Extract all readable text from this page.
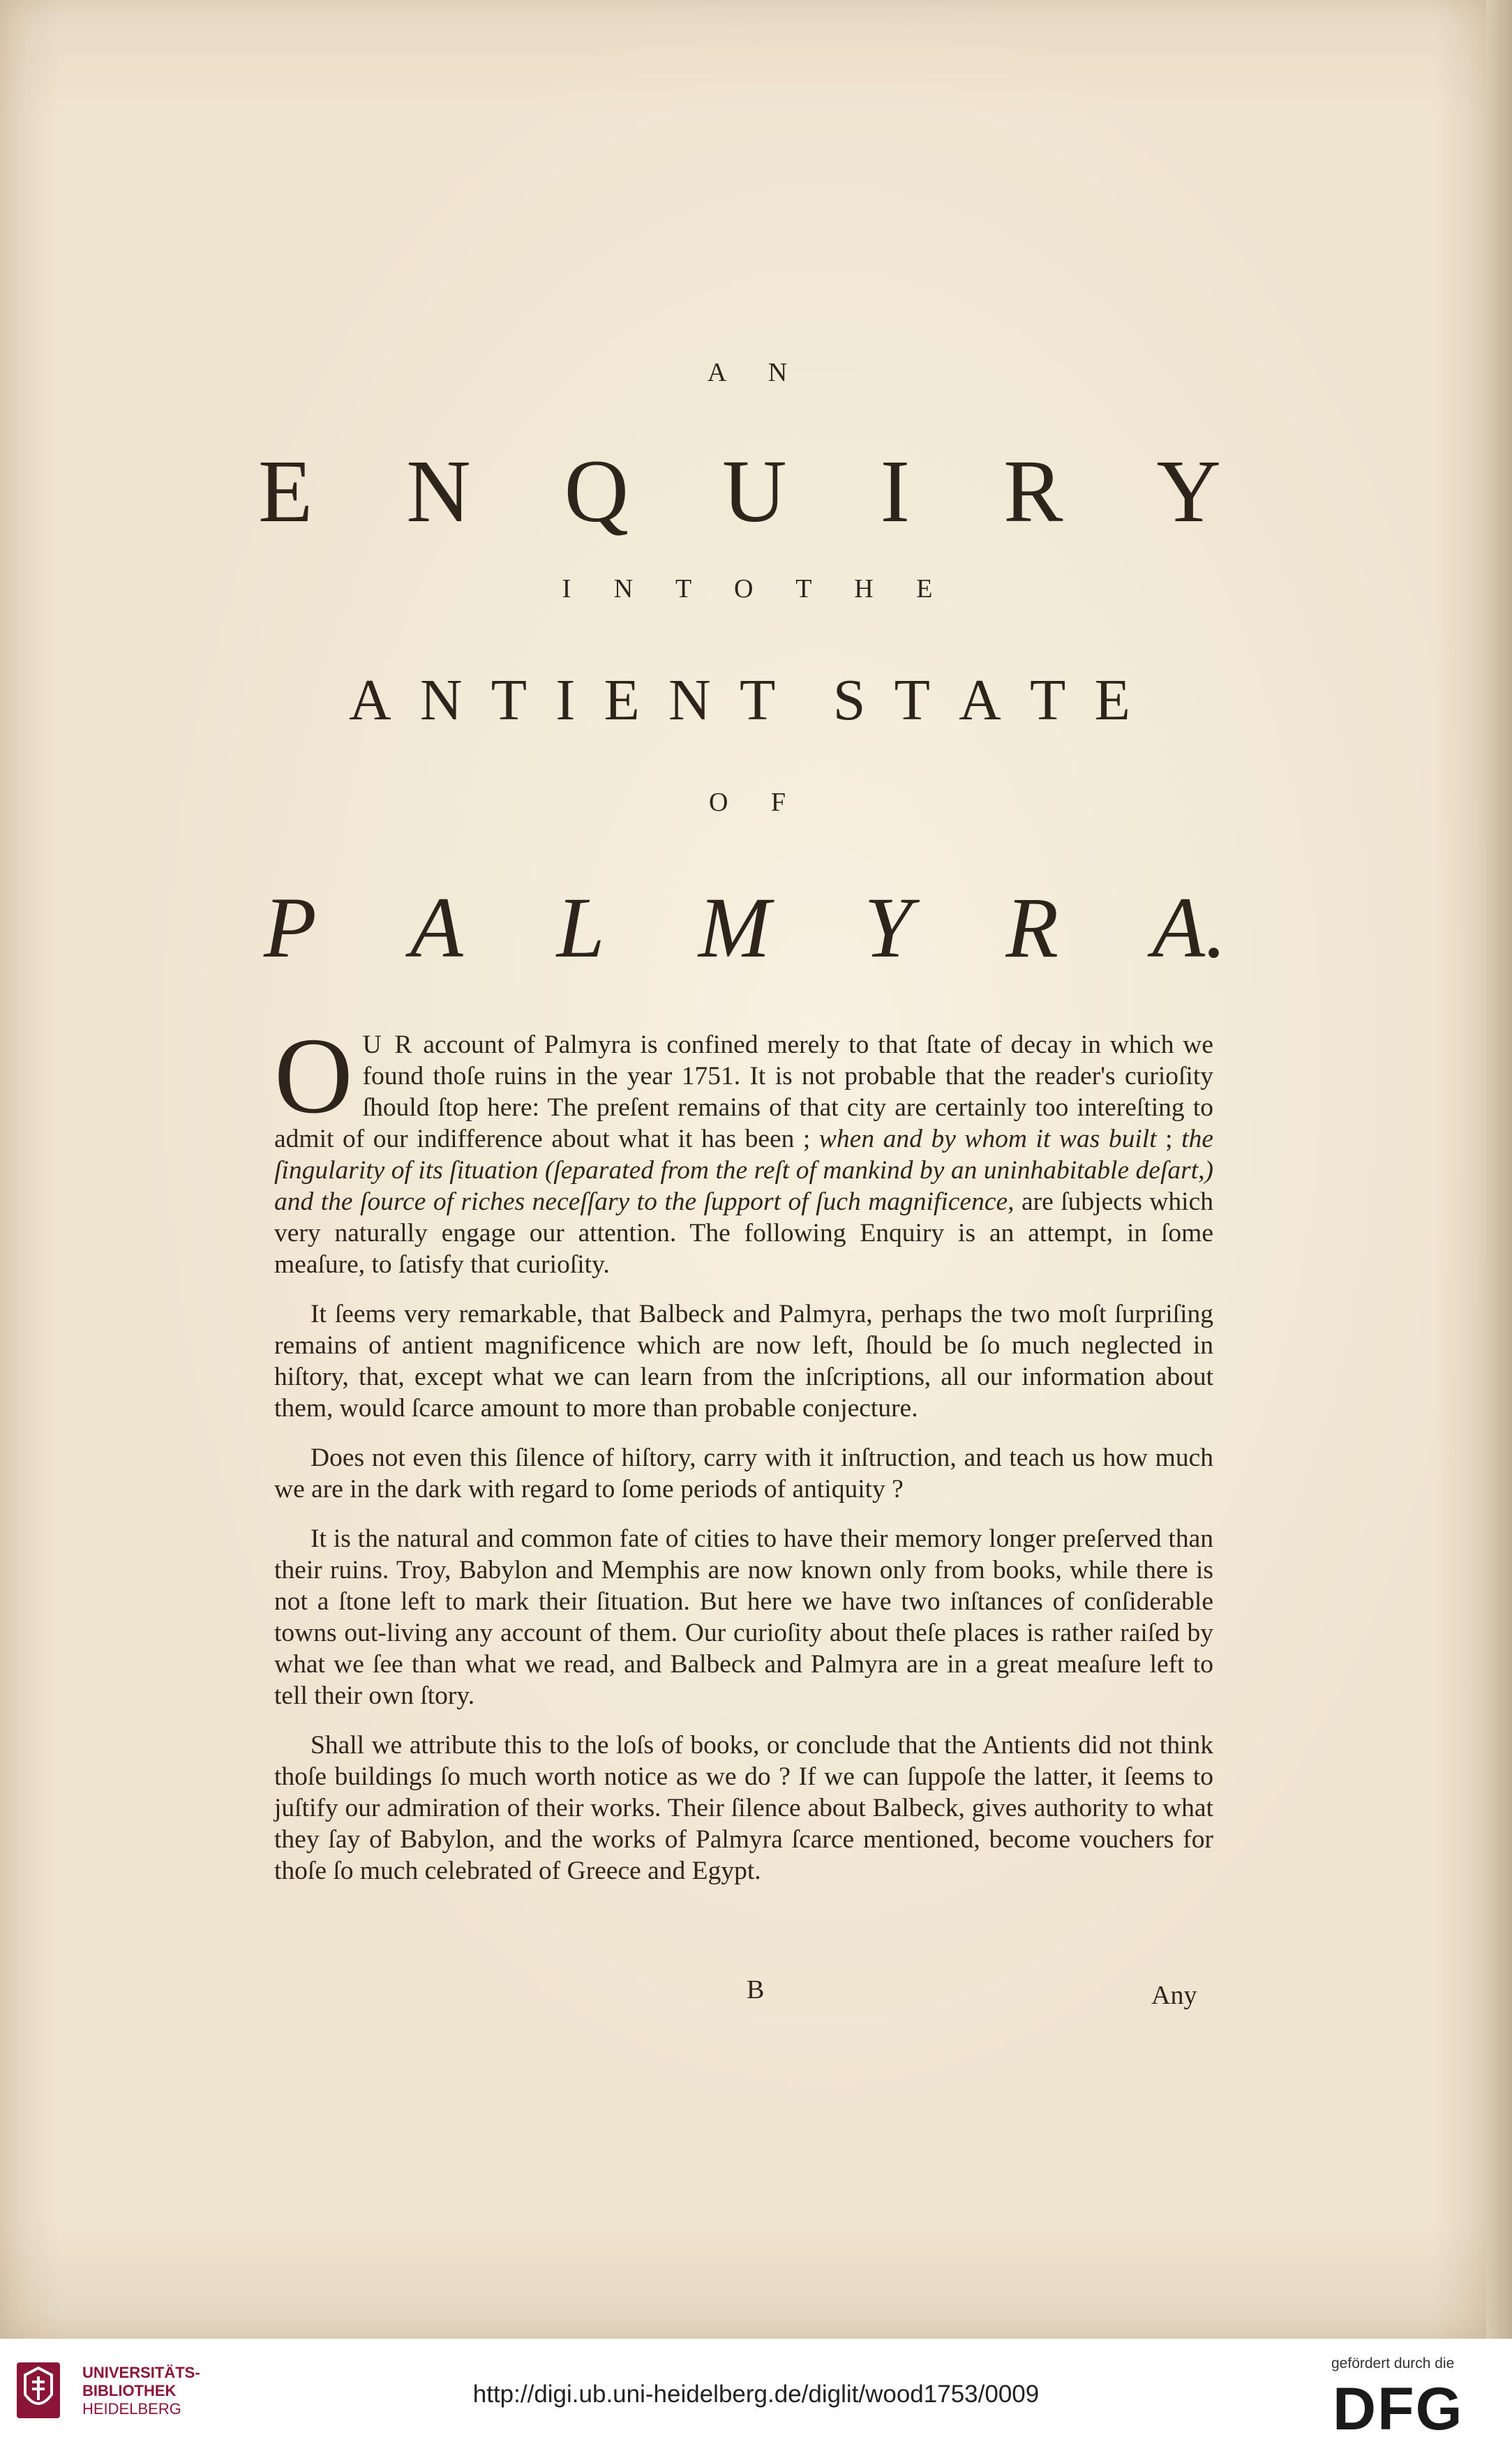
A N
E N Q U I R Y
I N T O T H E
A N T I E N T S T A T E
O F
P A L M Y R A.

O U R account of Palmyra is confined merely to that ſtate of decay in which we found thoſe ruins in the year 1751. It is not probable that the reader's curioſity ſhould ſtop here: The preſent remains of that city are certainly too intereſting to admit of our indifference about what it has been ; when and by whom it was built ; the ſingularity of its ſituation (ſeparated from the reſt of mankind by an uninhabitable deſart,) and the ſource of riches neceſſary to the ſupport of ſuch magnificence, are ſubjects which very naturally engage our attention. The following Enquiry is an attempt, in ſome meaſure, to ſatisfy that curioſity.

It ſeems very remarkable, that Balbeck and Palmyra, perhaps the two moſt ſurpriſing remains of antient magnificence which are now left, ſhould be ſo much neglected in hiſtory, that, except what we can learn from the inſcriptions, all our information about them, would ſcarce amount to more than probable conjecture.

Does not even this ſilence of hiſtory, carry with it inſtruction, and teach us how much we are in the dark with regard to ſome periods of antiquity ?

It is the natural and common fate of cities to have their memory longer preſerved than their ruins. Troy, Babylon and Memphis are now known only from books, while there is not a ſtone left to mark their ſituation. But here we have two inſtances of conſiderable towns out-living any account of them. Our curioſity about theſe places is rather raiſed by what we ſee than what we read, and Balbeck and Palmyra are in a great meaſure left to tell their own ſtory.

Shall we attribute this to the loſs of books, or conclude that the Antients did not think thoſe buildings ſo much worth notice as we do ? If we can ſuppoſe the latter, it ſeems to juſtify our admiration of their works. Their ſilence about Balbeck, gives authority to what they ſay of Babylon, and the works of Palmyra ſcarce mentioned, become vouchers for thoſe ſo much celebrated of Greece and Egypt.

B	Any
UNIVERSITÄTS-
BIBLIOTHEK
HEIDELBERG
http://digi.ub.uni-heidelberg.de/diglit/wood1753/0009
gefördert durch die
DFG
